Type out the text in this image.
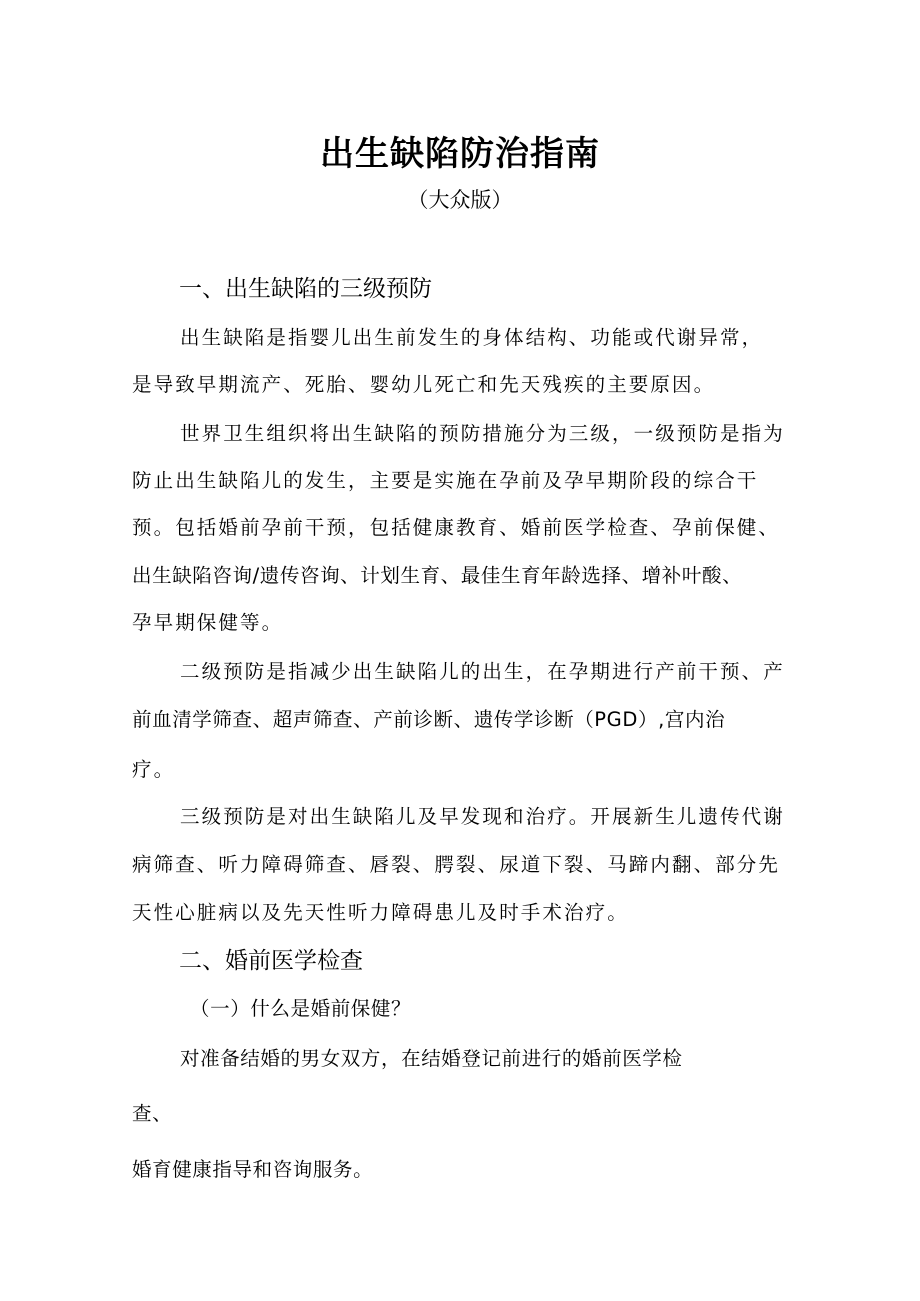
出生缺陷防治指南
（大众版）
一、出生缺陷的三级预防
出生缺陷是指婴儿出生前发生的身体结构、功能或代谢异常，
是导致早期流产、死胎、婴幼儿死亡和先天残疾的主要原因。
世界卫生组织将出生缺陷的预防措施分为三级，一级预防是指为
防止出生缺陷儿的发生，主要是实施在孕前及孕早期阶段的综合干
预。包括婚前孕前干预，包括健康教育、婚前医学检查、孕前保健、
出生缺陷咨询/遗传咨询、计划生育、最佳生育年龄选择、增补叶酸、
孕早期保健等。
二级预防是指减少出生缺陷儿的出生，在孕期进行产前干预、产
前血清学筛查、超声筛查、产前诊断、遗传学诊断（PGD）,宫内治
疗。
三级预防是对出生缺陷儿及早发现和治疗。开展新生儿遗传代谢
病筛查、听力障碍筛查、唇裂、腭裂、尿道下裂、马蹄内翻、部分先
天性心脏病以及先天性听力障碍患儿及时手术治疗。
二、婚前医学检查
（一）什么是婚前保健？
对准备结婚的男女双方，在结婚登记前进行的婚前医学检
查、
婚育健康指导和咨询服务。
